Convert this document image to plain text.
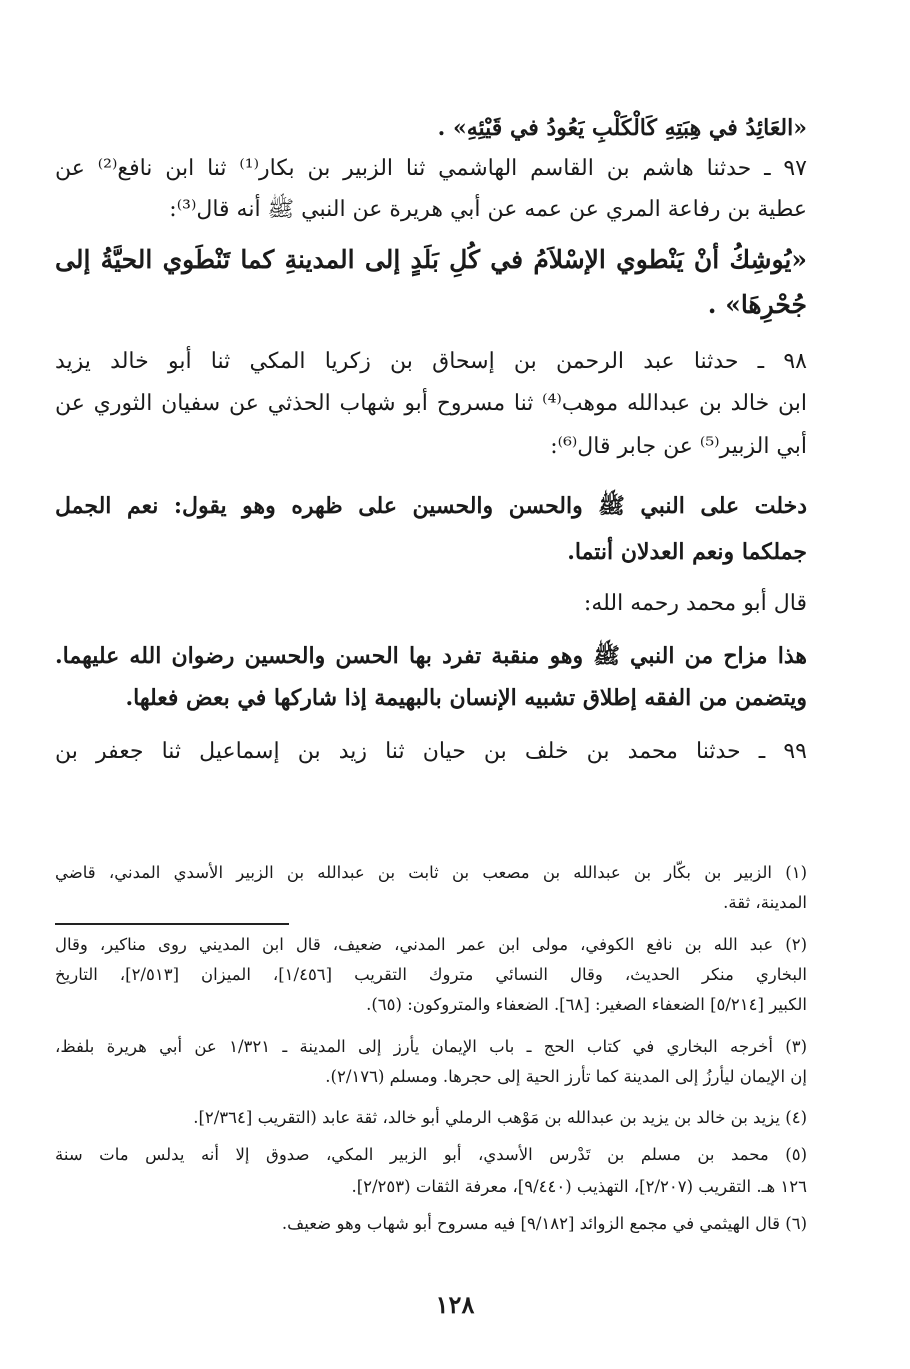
«العَائِدُ في هِبَتِهِ كَالْكَلْبِ يَعُودُ في قَيْئِهِ» .
٩٧ ـ حدثنا هاشم بن القاسم الهاشمي ثنا الزبير بن بكار⁽¹⁾ ثنا ابن نافع⁽²⁾ عن
عطية بن رفاعة المري عن عمه عن أبي هريرة عن النبي ﷺ أنه قال⁽³⁾:
«يُوشِكُ أنْ يَنْطوي الإسْلاَمُ في كُلِ بَلَدٍ إلى المدينةِ كما تَنْطَوي الحيَّةُ إلى
جُحْرِهَا» .
٩٨ ـ حدثنا عبد الرحمن بن إسحاق بن زكريا المكي ثنا أبو خالد يزيد
ابن خالد بن عبدالله موهب⁽⁴⁾ ثنا مسروح أبو شهاب الحذثي عن سفيان الثوري عن
أبي الزبير⁽⁵⁾ عن جابر قال⁽⁶⁾:
دخلت على النبي ﷺ والحسن والحسين على ظهره وهو يقول: نعم الجمل
جملكما ونعم العدلان أنتما.
قال أبو محمد رحمه الله:
هذا مزاح من النبي ﷺ وهو منقبة تفرد بها الحسن والحسين رضوان الله عليهما.
ويتضمن من الفقه إطلاق تشبيه الإنسان بالبهيمة إذا شاركها في بعض فعلها.
٩٩ ـ حدثنا محمد بن خلف بن حيان ثنا زيد بن إسماعيل ثنا جعفر بن
(١) الزبير بن بكّار بن عبدالله بن مصعب بن ثابت بن عبدالله بن الزبير الأسدي المدني، قاضي
المدينة، ثقة.
(٢) عبد الله بن نافع الكوفي، مولى ابن عمر المدني، ضعيف، قال ابن المديني روى مناكير، وقال
البخاري منكر الحديث، وقال النسائي متروك التقريب [١/٤٥٦]، الميزان [٢/٥١٣]، التاريخ
الكبير [٥/٢١٤] الضعفاء الصغير: [٦٨]. الضعفاء والمتروكون: (٦٥).
(٣) أخرجه البخاري في كتاب الحج ـ باب الإيمان يأرز إلى المدينة ـ ١/٣٢١ عن أبي هريرة بلفظ،
إن الإيمان ليأرزُ إلى المدينة كما تأرز الحية إلى حجرها. ومسلم (٢/١٧٦).
(٤) يزيد بن خالد بن يزيد بن عبدالله بن مَوْهب الرملي أبو خالد، ثقة عابد (التقريب [٢/٣٦٤].
(٥) محمد بن مسلم بن تَدْرس الأسدي، أبو الزبير المكي، صدوق إلا أنه يدلس مات سنة
١٢٦ هـ. التقريب (٢/٢٠٧]، التهذيب (٩/٤٤٠]، معرفة الثقات (٢/٢٥٣].
(٦) قال الهيثمي في مجمع الزوائد [٩/١٨٢] فيه مسروح أبو شهاب وهو ضعيف.
١٢٨
